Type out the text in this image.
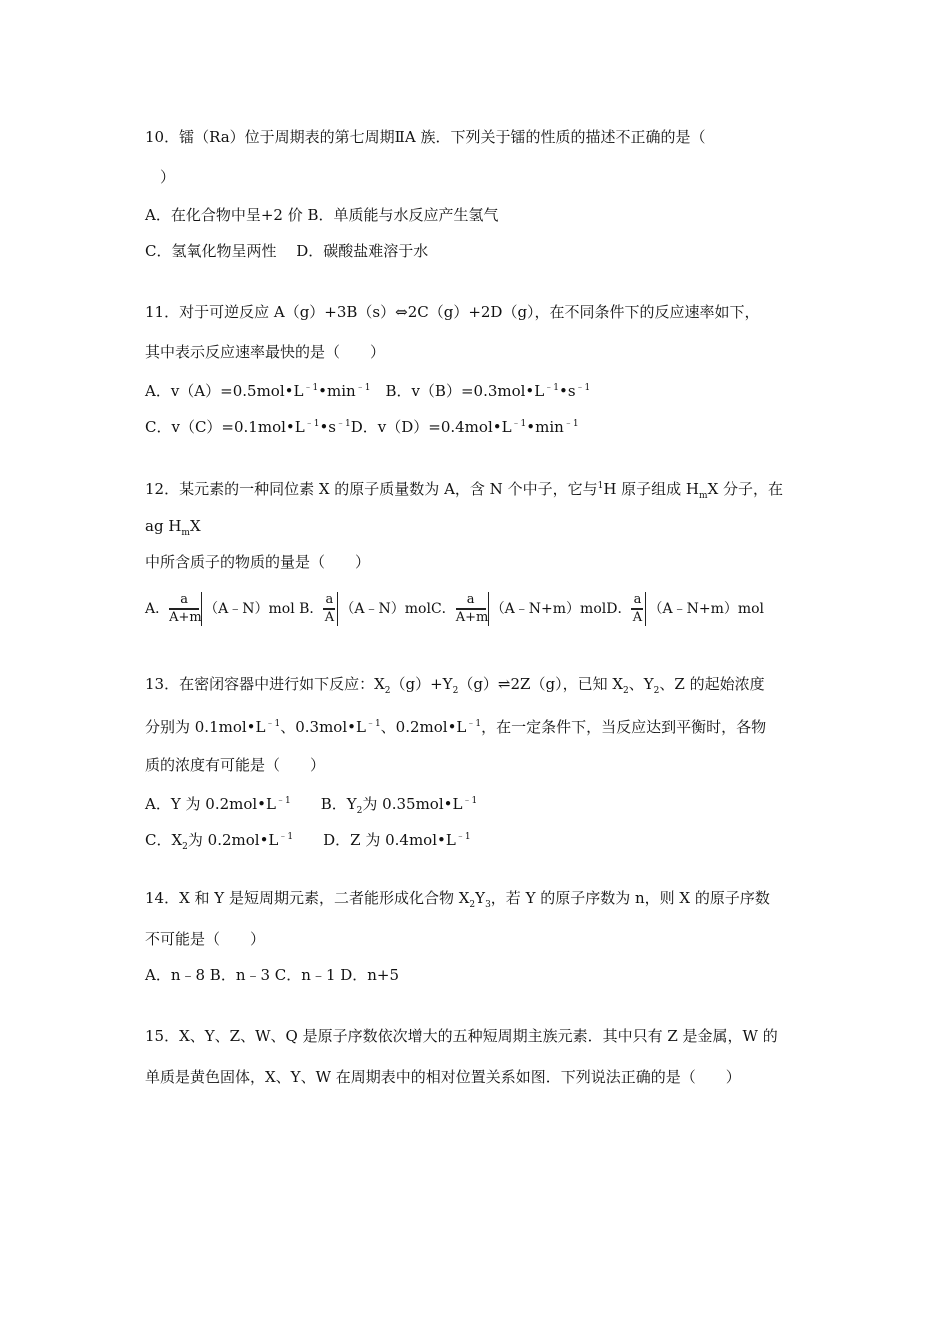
10．镭（Ra）位于周期表的第七周期ⅡA 族．下列关于镭的性质的描述不正确的是（
）
A．在化合物中呈+2 价 B．单质能与水反应产生氢气
C．氢氧化物呈两性　 D．碳酸盐难溶于水
11．对于可逆反应 A（g）+3B（s）⇔2C（g）+2D（g），在不同条件下的反应速率如下，
其中表示反应速率最快的是（　　）
A．$v(A)=0.5mol•L^{﹣1}•\min^{﹣1}$　B．$v(B)=0.3mol•L^{﹣1}•s^{﹣1}$
C．$v(C)=0.1mol•L^{﹣1}•s^{﹣1}D$．$v(D)=0.4mol•L^{﹣1}•\min^{﹣1}$
12．某元素的一种同位素 X 的原子质量数为 A，含 N 个中子，它与$^1$H 原子组成 $H_mX$ 分子，在
ag $H_mX$
中所含质子的物质的量是（　　）
A． $\frac{a}{A+m}$ （A﹣N）mol B． $\frac{a}{A}$ （A﹣N）molC． $\frac{a}{A+m}$ （A﹣N+m）molD． $\frac{a}{A}$ （A﹣N+m）mol
13．在密闭容器中进行如下反应：$X_2(g)+Y_2(g)\rightleftharpoons 2Z(g)$，已知 $X_2$、$Y_2$、Z 的起始浓度
分别为 $0.1mol•L^{﹣1}$、$0.3mol•L^{﹣1}$、$0.2mol•L^{﹣1}$，在一定条件下，当反应达到平衡时，各物
质的浓度有可能是（　　）
A．Y 为 $0.2mol•L^{﹣1}$　　B．$Y_2$为 $0.35mol•L^{﹣1}$
C．$X_2$为 $0.2mol•L^{﹣1}$　　D．Z 为 $0.4mol•L^{﹣1}$
14．X 和 Y 是短周期元素，二者能形成化合物 $X_2Y_3$，若 Y 的原子序数为 n，则 X 的原子序数
不可能是（　　）
A．n﹣8 B．n﹣3 C．n﹣1 D．n+5
15．X、Y、Z、W、Q 是原子序数依次增大的五种短周期主族元素．其中只有 Z 是金属，W 的
单质是黄色固体，X、Y、W 在周期表中的相对位置关系如图．下列说法正确的是（　　）
